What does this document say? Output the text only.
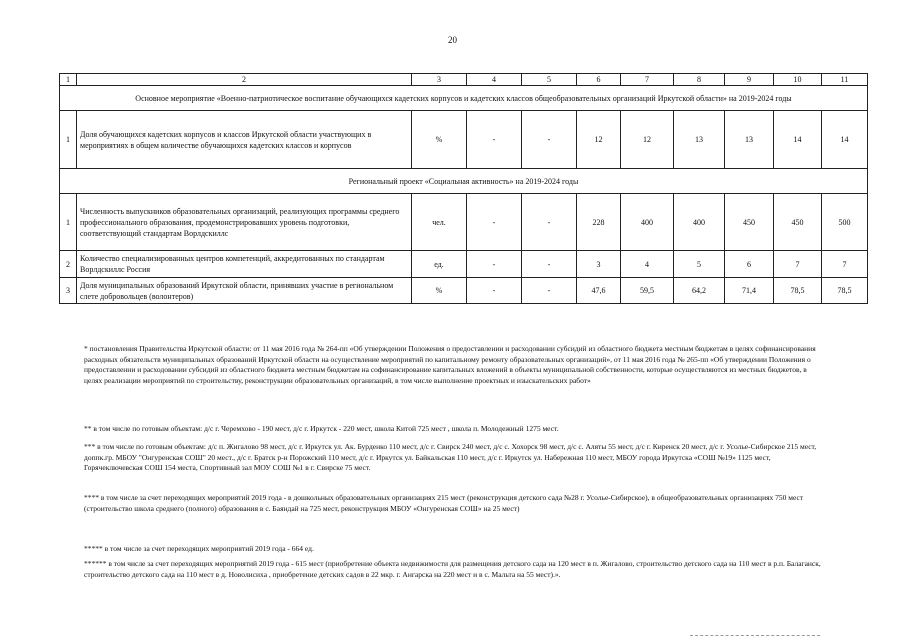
20
1	2	3	4	5	6	7	8	9	10	11
Основное мероприятие «Военно-патриотическое воспитание обучающихся кадетских корпусов и кадетских классов общеобразовательных организаций Иркутской области» на 2019-2024 годы										
1	Доля обучающихся кадетских корпусов и классов Иркутской области участвующих в мероприятиях в общем количестве обучающихся кадетских классов и корпусов	%	-	-	12	12	13	13	14	14
Региональный проект «Социальная активность» на 2019-2024 годы										
1	Численность выпускников образовательных организаций, реализующих программы среднего профессионального образования, продемонстрировавших уровень подготовки, соответствующий стандартам Ворлдскиллс	чел.	-	-	228	400	400	450	450	500
2	Количество специализированных центров компетенций, аккредитованных по стандартам Ворлдскиллс Россия	ед.	-	-	3	4	5	6	7	7
3	Доля муниципальных образований Иркутской области, принявших участие в региональном слете добровольцев (волонтеров)	%	-	-	47,6	59,5	64,2	71,4	78,5	78,5

* постановления Правительства Иркутской области: от 11 мая 2016 года № 264-пп «Об утверждении Положения о предоставлении и расходовании субсидий из областного бюджета местным бюджетам в целях софинансирования расходных обязательств муниципальных образований Иркутской области на осуществление мероприятий по капитальному ремонту образовательных организаций», от 11 мая 2016 года № 265-пп «Об утверждении Положения о предоставлении и расходовании субсидий из областного бюджета местным бюджетам на софинансирование капитальных вложений в объекты муниципальной собственности, которые осуществляются из местных бюджетов, в целях реализации мероприятий по строительству, реконструкции образовательных организаций, в том числе выполнение проектных и изыскательских работ»

** в том числе по готовым объектам: д/с г. Черемхово - 190 мест, д/с г. Иркутск - 220 мест, школа Китой 725 мест , школа п. Молодежный 1275 мест.

*** в том числе по готовым объектам: д/с п. Жигалово 98 мест, д/с г. Иркутск ул. Ак. Бурденко 110 мест, д/с г. Свирск 240 мест, д/с с. Хохорск 98 мест, д/с с. Аляты 55 мест, д/с г. Киренск 20 мест, д/с г. Усолье-Сибирское 215 мест, доппк.гр. МБОУ "Онгуренская СОШ" 20 мест., д/с г. Братск р-н Порожский 110 мест, д/с г. Иркутск ул. Байкальская 110 мест, д/с г. Иркутск ул. Набережная 110 мест, МБОУ города Иркутска «СОШ №19» 1125 мест, Горячеключевская СОШ 154 места, Спортивный зал МОУ СОШ №1 в г. Свирске 75 мест.

**** в том числе за счет переходящих мероприятий 2019 года - в дошкольных образовательных организациях 215 мест (реконструкция детского сада №28 г. Усолье-Сибирское), в общеобразовательных организациях 750 мест (строительство школа среднего (полного) образования в с. Баяндай на 725 мест, реконструкция МБОУ «Онгуренская СОШ» на 25 мест)

***** в том числе за счет переходящих мероприятий 2019 года - 664 ед.

****** в том числе за счет переходящих мероприятий 2019 года - 615 мест (приобретение объекта недвижимости для размещения детского сада на 120 мест в п. Жигалово, строительство детского сада на 110 мест в р.п. Балаганск, строительство детского сада на 110 мест в д. Новолисиха , приобретение детских садов в 22 мкр. г. Ангарска на 220 мест и в с. Мальта на 55 мест).».
